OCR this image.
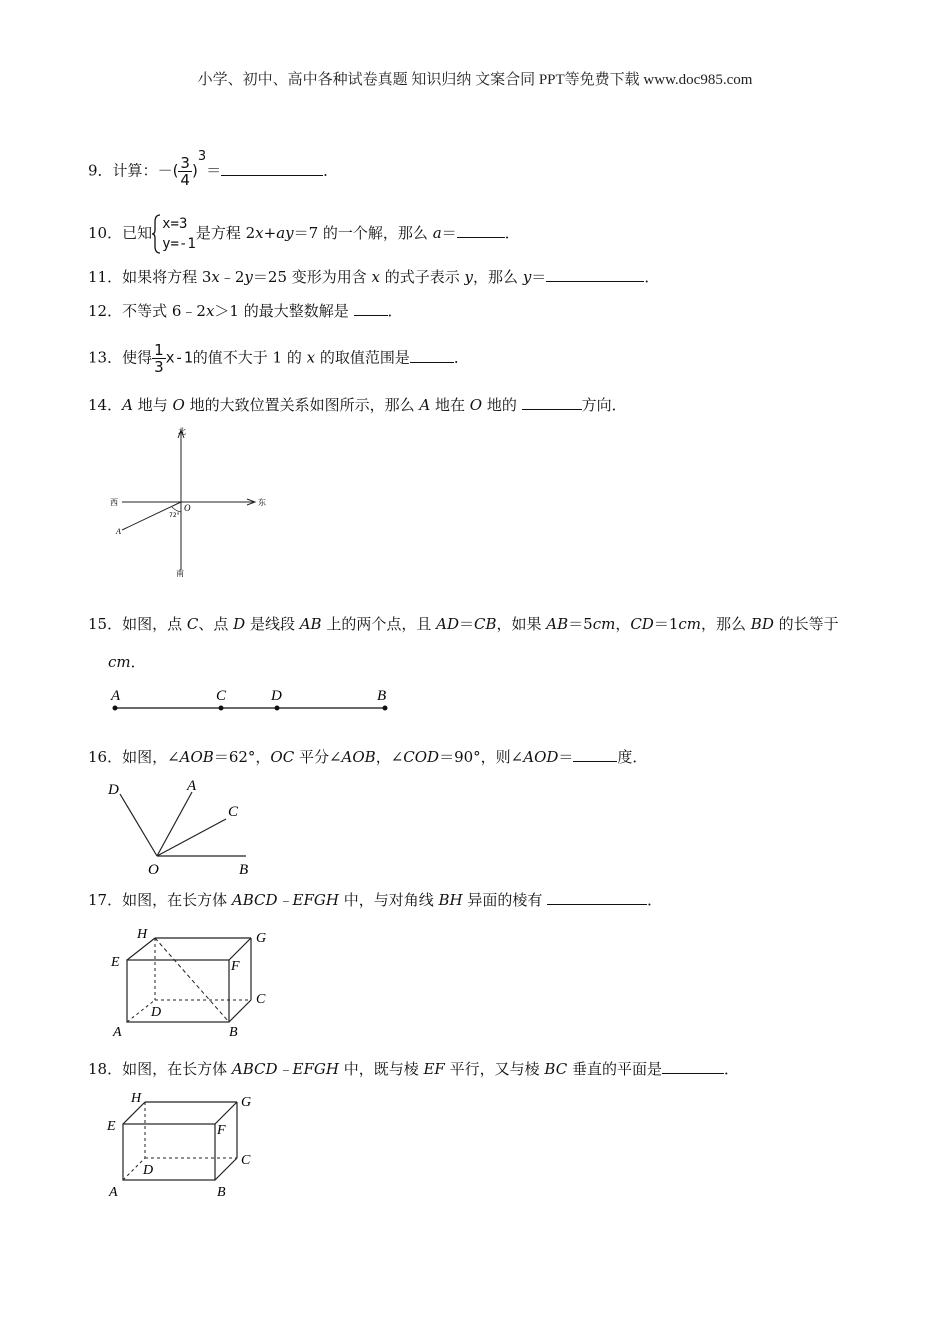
小学、初中、高中各种试卷真题 知识归纳 文案合同 PPT等免费下载 www.doc985.com
9．计算：－( $\frac{3}{4} )^3=$	．
10．已知 x=3
y=-1
是方程 2x+ay＝7 的一个解，那么 a＝	．
11．如果将方程 3x﹣2y＝25 变形为用含 x 的式子表示 y，那么 y＝	．
12．不等式 6﹣2x＞1 的最大整数解是 ．
13．使得 $\frac{1}{3} x-1$的值不大于 1 的 x 的取值范围是	．
14．A 地与 O 地的大致位置关系如图所示，那么 A 地在 O 地的	方向．
北
南
东
西
O
A
72°
15．如图，点 C、点 D 是线段 AB 上的两个点，且 AD＝CB，如果 AB＝5cm，CD＝1cm，那么 BD 的长等于
cm．
A	C	D	B
16．如图，∠AOB＝62°，OC 平分∠AOB，∠COD＝90°，则∠AOD＝	度．
D	A
C
O	B
17．如图，在长方体 ABCD﹣EFGH 中，与对角线 BH 异面的棱有	．
H	G
E	F
C
D
A	B
18．如图，在长方体 ABCD﹣EFGH 中，既与棱 EF 平行，又与棱 BC 垂直的平面是	．
H	G
E	F
C
D
A	B
